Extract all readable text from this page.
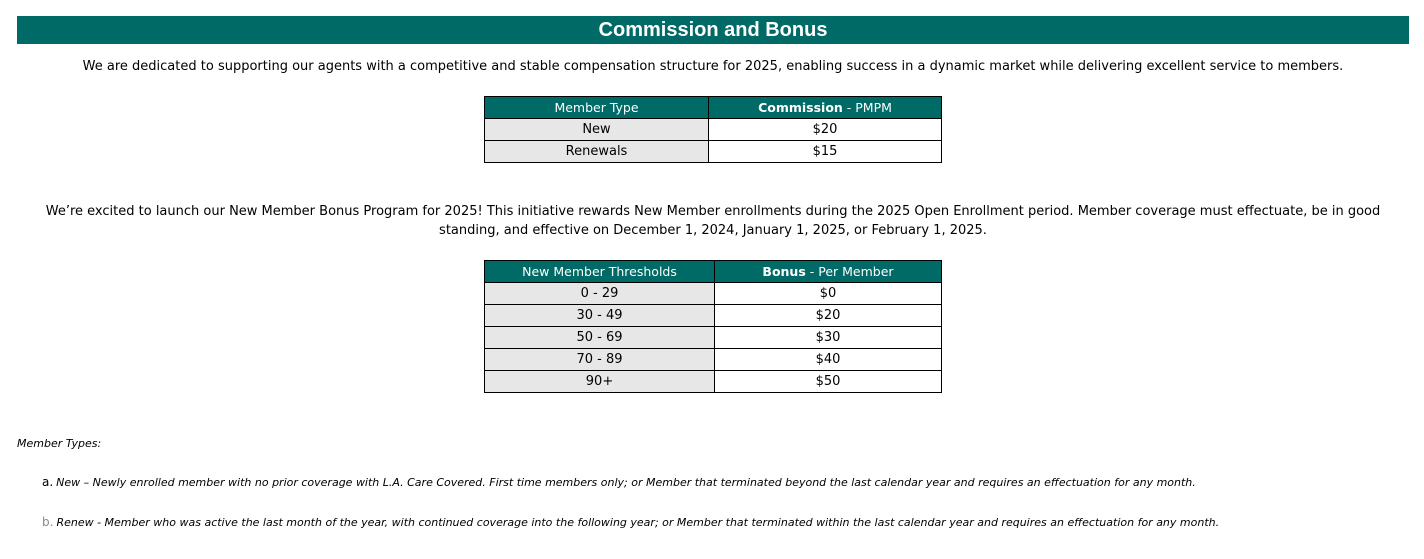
Commission and Bonus
We are dedicated to supporting our agents with a competitive and stable compensation structure for 2025, enabling success in a dynamic market while delivering excellent service to members.
Member Type	Commission - PMPM
New	$20
Renewals	$15
We’re excited to launch our New Member Bonus Program for 2025! This initiative rewards New Member enrollments during the 2025 Open Enrollment period. Member coverage must effectuate, be in good standing, and effective on December 1, 2024, January 1, 2025, or February 1, 2025.
New Member Thresholds	Bonus - Per Member
0 - 29	$0
30 - 49	$20
50 - 69	$30
70 - 89	$40
90+	$50
Member Types:
a. New – Newly enrolled member with no prior coverage with L.A. Care Covered. First time members only; or Member that terminated beyond the last calendar year and requires an effectuation for any month.
b. Renew - Member who was active the last month of the year, with continued coverage into the following year; or Member that terminated within the last calendar year and requires an effectuation for any month.
